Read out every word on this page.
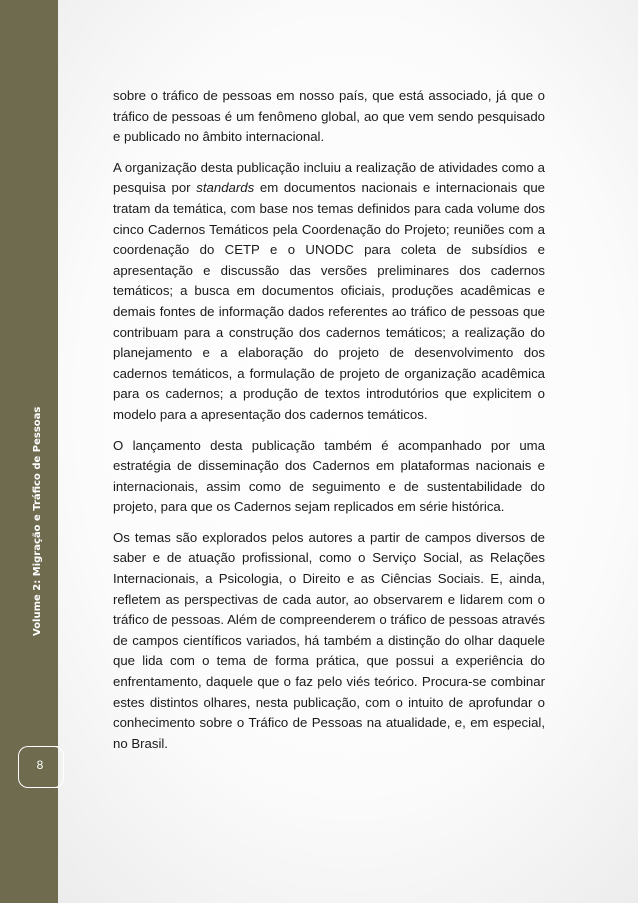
Volume 2: Migração e Tráfico de Pessoas
8

sobre o tráfico de pessoas em nosso país, que está associado, já que o tráfico de pessoas é um fenômeno global, ao que vem sendo pesquisado e publicado no âmbito internacional.

A organização desta publicação incluiu a realização de atividades como a pesquisa por standards em documentos nacionais e internacionais que tratam da temática, com base nos temas definidos para cada volume dos cinco Cadernos Temáticos pela Coordenação do Projeto; reuniões com a coordenação do CETP e o UNODC para coleta de subsídios e apresentação e discussão das versões preliminares dos cadernos temáticos; a busca em documentos oficiais, produções acadêmicas e demais fontes de informação dados referentes ao tráfico de pessoas que contribuam para a construção dos cadernos temáticos; a realização do planejamento e a elaboração do projeto de desenvolvimento dos cadernos temáticos, a formulação de projeto de organização acadêmica para os cadernos; a produção de textos introdutórios que explicitem o modelo para a apresentação dos cadernos temáticos.

O lançamento desta publicação também é acompanhado por uma estratégia de disseminação dos Cadernos em plataformas nacionais e internacionais, assim como de seguimento e de sustentabilidade do projeto, para que os Cadernos sejam replicados em série histórica.

Os temas são explorados pelos autores a partir de campos diversos de saber e de atuação profissional, como o Serviço Social, as Relações Internacionais, a Psicologia, o Direito e as Ciências Sociais. E, ainda, refletem as perspectivas de cada autor, ao observarem e lidarem com o tráfico de pessoas. Além de compreenderem o tráfico de pessoas através de campos científicos variados, há também a distinção do olhar daquele que lida com o tema de forma prática, que possui a experiência do enfrentamento, daquele que o faz pelo viés teórico. Procura-se combinar estes distintos olhares, nesta publicação, com o intuito de aprofundar o conhecimento sobre o Tráfico de Pessoas na atualidade, e, em especial, no Brasil.
